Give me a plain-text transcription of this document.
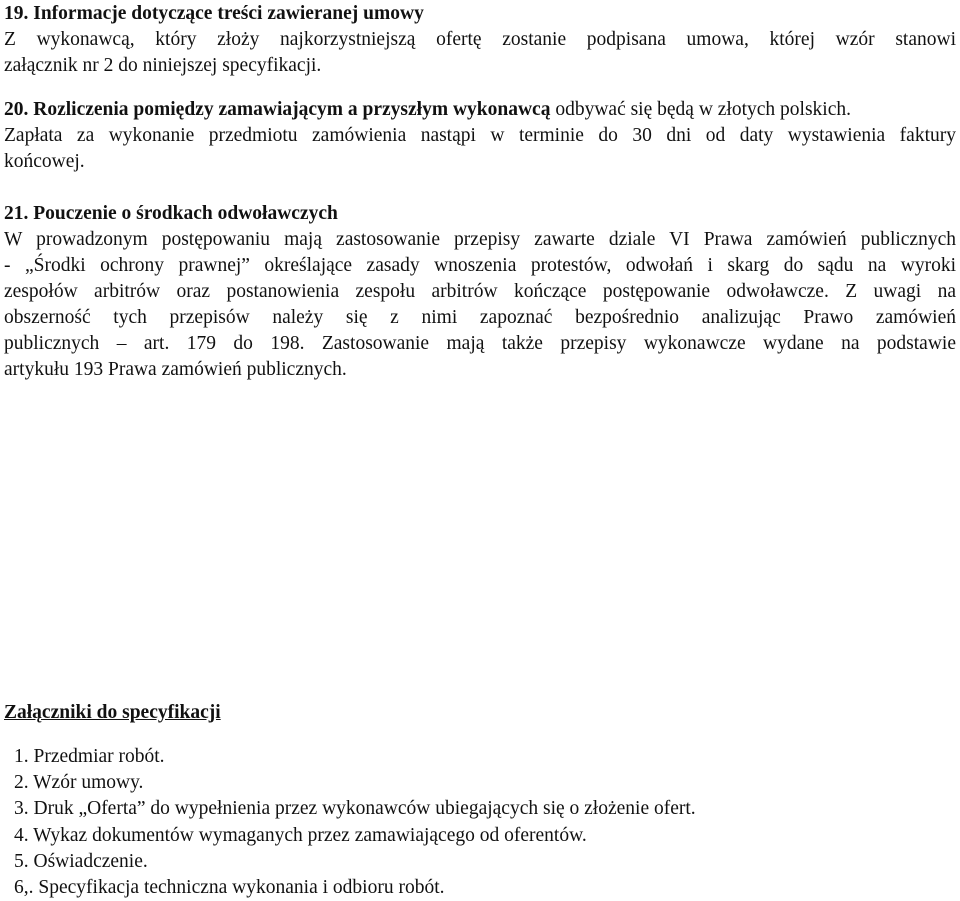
19. Informacje dotyczące treści zawieranej umowy
Z wykonawcą, który złoży najkorzystniejszą ofertę zostanie podpisana umowa, której wzór stanowi
załącznik nr 2 do niniejszej specyfikacji.
20. Rozliczenia pomiędzy zamawiającym a przyszłym wykonawcą odbywać się będą w złotych polskich.
Zapłata za wykonanie przedmiotu zamówienia nastąpi w terminie do 30 dni od daty wystawienia faktury
końcowej.
21. Pouczenie o środkach odwoławczych
W prowadzonym postępowaniu mają zastosowanie przepisy zawarte dziale VI Prawa zamówień publicznych
- „Środki ochrony prawnej” określające zasady wnoszenia protestów, odwołań i skarg do sądu na wyroki
zespołów arbitrów oraz postanowienia zespołu arbitrów kończące postępowanie odwoławcze. Z uwagi na
obszerność tych przepisów należy się z nimi zapoznać bezpośrednio analizując Prawo zamówień
publicznych – art. 179 do 198. Zastosowanie mają także przepisy wykonawcze wydane na podstawie
artykułu 193 Prawa zamówień publicznych.
Załączniki do specyfikacji
1. Przedmiar robót.
2. Wzór umowy.
3. Druk „Oferta” do wypełnienia przez wykonawców ubiegających się o złożenie ofert.
4. Wykaz dokumentów wymaganych przez zamawiającego od oferentów.
5. Oświadczenie.
6,. Specyfikacja techniczna wykonania i odbioru robót.
